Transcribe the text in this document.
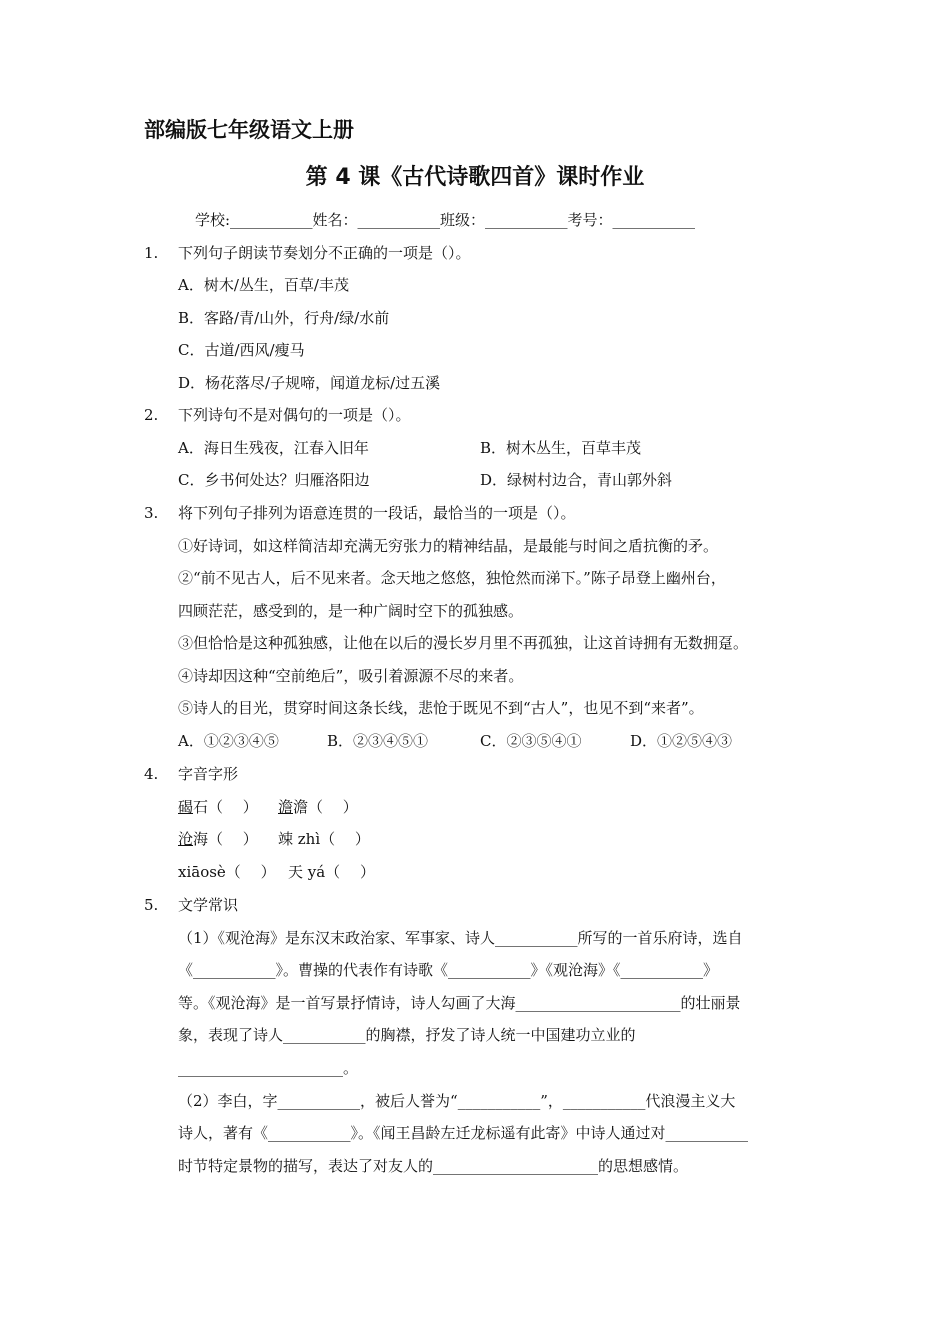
部编版七年级语文上册
第 4 课《古代诗歌四首》课时作业
学校:___________姓名：___________班级：___________考号：___________
1. 下列句子朗读节奏划分不正确的一项是（）。
A．树木/丛生，百草/丰茂
B．客路/青/山外，行舟/绿/水前
C．古道/西风/瘦马
D．杨花落尽/子规啼，闻道龙标/过五溪
2. 下列诗句不是对偶句的一项是（）。
A．海日生残夜，江春入旧年	B．树木丛生，百草丰茂
C．乡书何处达？归雁洛阳边	D．绿树村边合，青山郭外斜
3. 将下列句子排列为语意连贯的一段话，最恰当的一项是（）。
①好诗词，如这样简洁却充满无穷张力的精神结晶，是最能与时间之盾抗衡的矛。
②“前不见古人，后不见来者。念天地之悠悠，独怆然而涕下。”陈子昂登上幽州台，
四顾茫茫，感受到的，是一种广阔时空下的孤独感。
③但恰恰是这种孤独感，让他在以后的漫长岁月里不再孤独，让这首诗拥有无数拥趸。
④诗却因这种“空前绝后”，吸引着源源不尽的来者。
⑤诗人的目光，贯穿时间这条长线，悲怆于既见不到“古人”，也见不到“来者”。
A．①②③④⑤	B．②③④⑤①	C．②③⑤④①	D．①②⑤④③
4. 字音字形
碣石（　 ） 澹澹（ 　）
沧海（　 ） 竦 zhì（　 ）
xiāosè（　 ） 天 yá（　 ）
5. 文学常识
（1）《观沧海》是东汉末政治家、军事家、诗人___________所写的一首乐府诗，选自
《___________》。曹操的代表作有诗歌《___________》《观沧海》《___________》
等。《观沧海》是一首写景抒情诗，诗人勾画了大海______________________的壮丽景
象，表现了诗人___________的胸襟，抒发了诗人统一中国建功立业的
______________________。
（2）李白，字___________，被后人誉为“___________”，___________代浪漫主义大
诗人，著有《___________》。《闻王昌龄左迁龙标遥有此寄》中诗人通过对___________
时节特定景物的描写，表达了对友人的______________________的思想感情。
